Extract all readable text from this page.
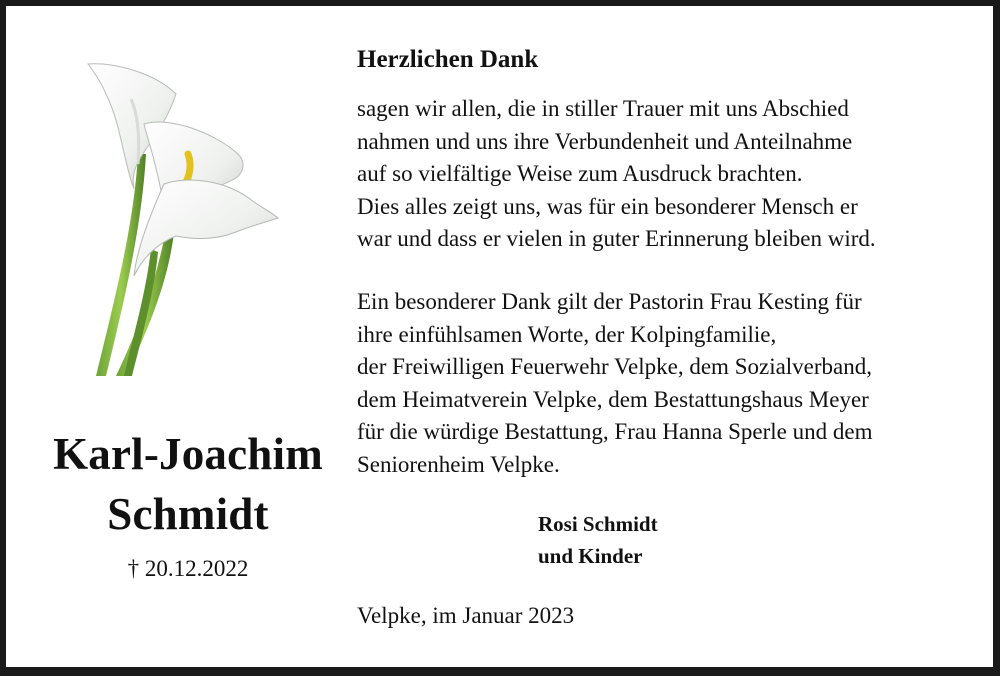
Karl-Joachim
Schmidt
† 20.12.2022
Herzlichen Dank
sagen wir allen, die in stiller Trauer mit uns Abschied
nahmen und uns ihre Verbundenheit und Anteilnahme
auf so vielfältige Weise zum Ausdruck brachten.
Dies alles zeigt uns, was für ein besonderer Mensch er
war und dass er vielen in guter Erinnerung bleiben wird.
Ein besonderer Dank gilt der Pastorin Frau Kesting für
ihre einfühlsamen Worte, der Kolpingfamilie,
der Freiwilligen Feuerwehr Velpke, dem Sozialverband,
dem Heimatverein Velpke, dem Bestattungshaus Meyer
für die würdige Bestattung, Frau Hanna Sperle und dem
Seniorenheim Velpke.
Rosi Schmidt
und Kinder
Velpke, im Januar 2023
